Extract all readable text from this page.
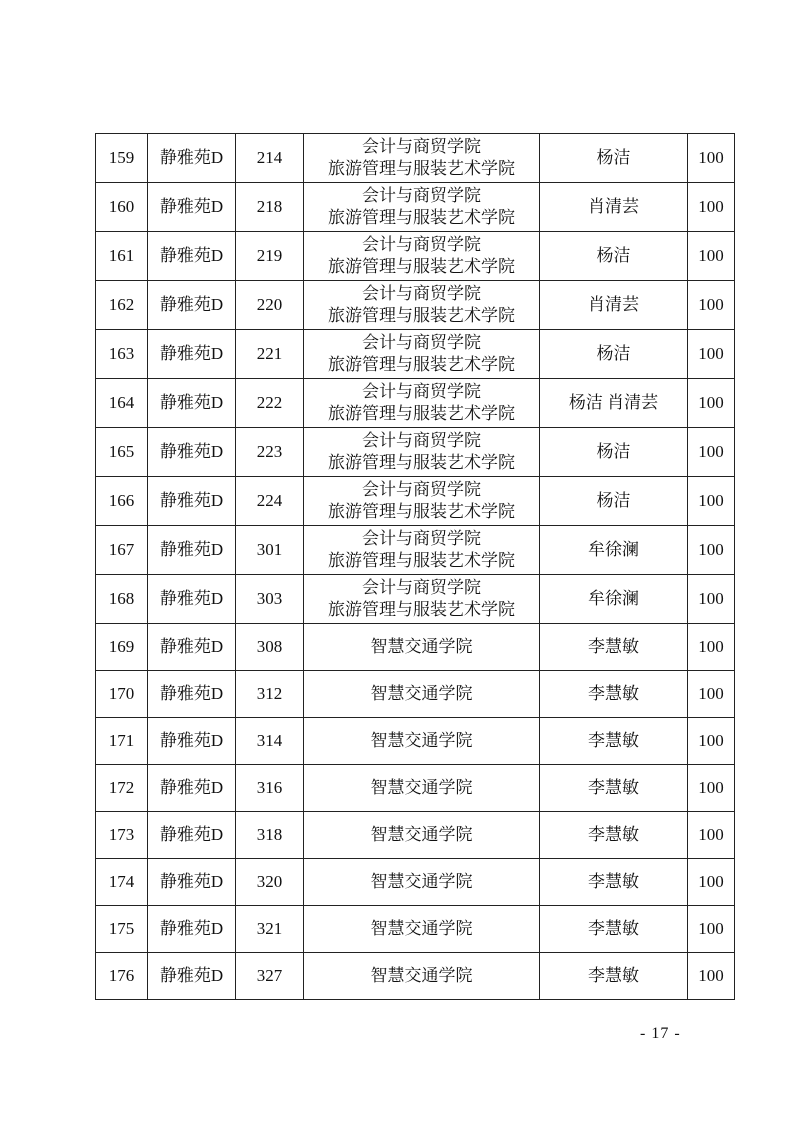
159	静雅苑D	214	会计与商贸学院
旅游管理与服装艺术学院	杨洁	100
160	静雅苑D	218	会计与商贸学院
旅游管理与服装艺术学院	肖清芸	100
161	静雅苑D	219	会计与商贸学院
旅游管理与服装艺术学院	杨洁	100
162	静雅苑D	220	会计与商贸学院
旅游管理与服装艺术学院	肖清芸	100
163	静雅苑D	221	会计与商贸学院
旅游管理与服装艺术学院	杨洁	100
164	静雅苑D	222	会计与商贸学院
旅游管理与服装艺术学院	杨洁 肖清芸	100
165	静雅苑D	223	会计与商贸学院
旅游管理与服装艺术学院	杨洁	100
166	静雅苑D	224	会计与商贸学院
旅游管理与服装艺术学院	杨洁	100
167	静雅苑D	301	会计与商贸学院
旅游管理与服装艺术学院	牟徐澜	100
168	静雅苑D	303	会计与商贸学院
旅游管理与服装艺术学院	牟徐澜	100
169	静雅苑D	308	智慧交通学院	李慧敏	100
170	静雅苑D	312	智慧交通学院	李慧敏	100
171	静雅苑D	314	智慧交通学院	李慧敏	100
172	静雅苑D	316	智慧交通学院	李慧敏	100
173	静雅苑D	318	智慧交通学院	李慧敏	100
174	静雅苑D	320	智慧交通学院	李慧敏	100
175	静雅苑D	321	智慧交通学院	李慧敏	100
176	静雅苑D	327	智慧交通学院	李慧敏	100
- 17 -
